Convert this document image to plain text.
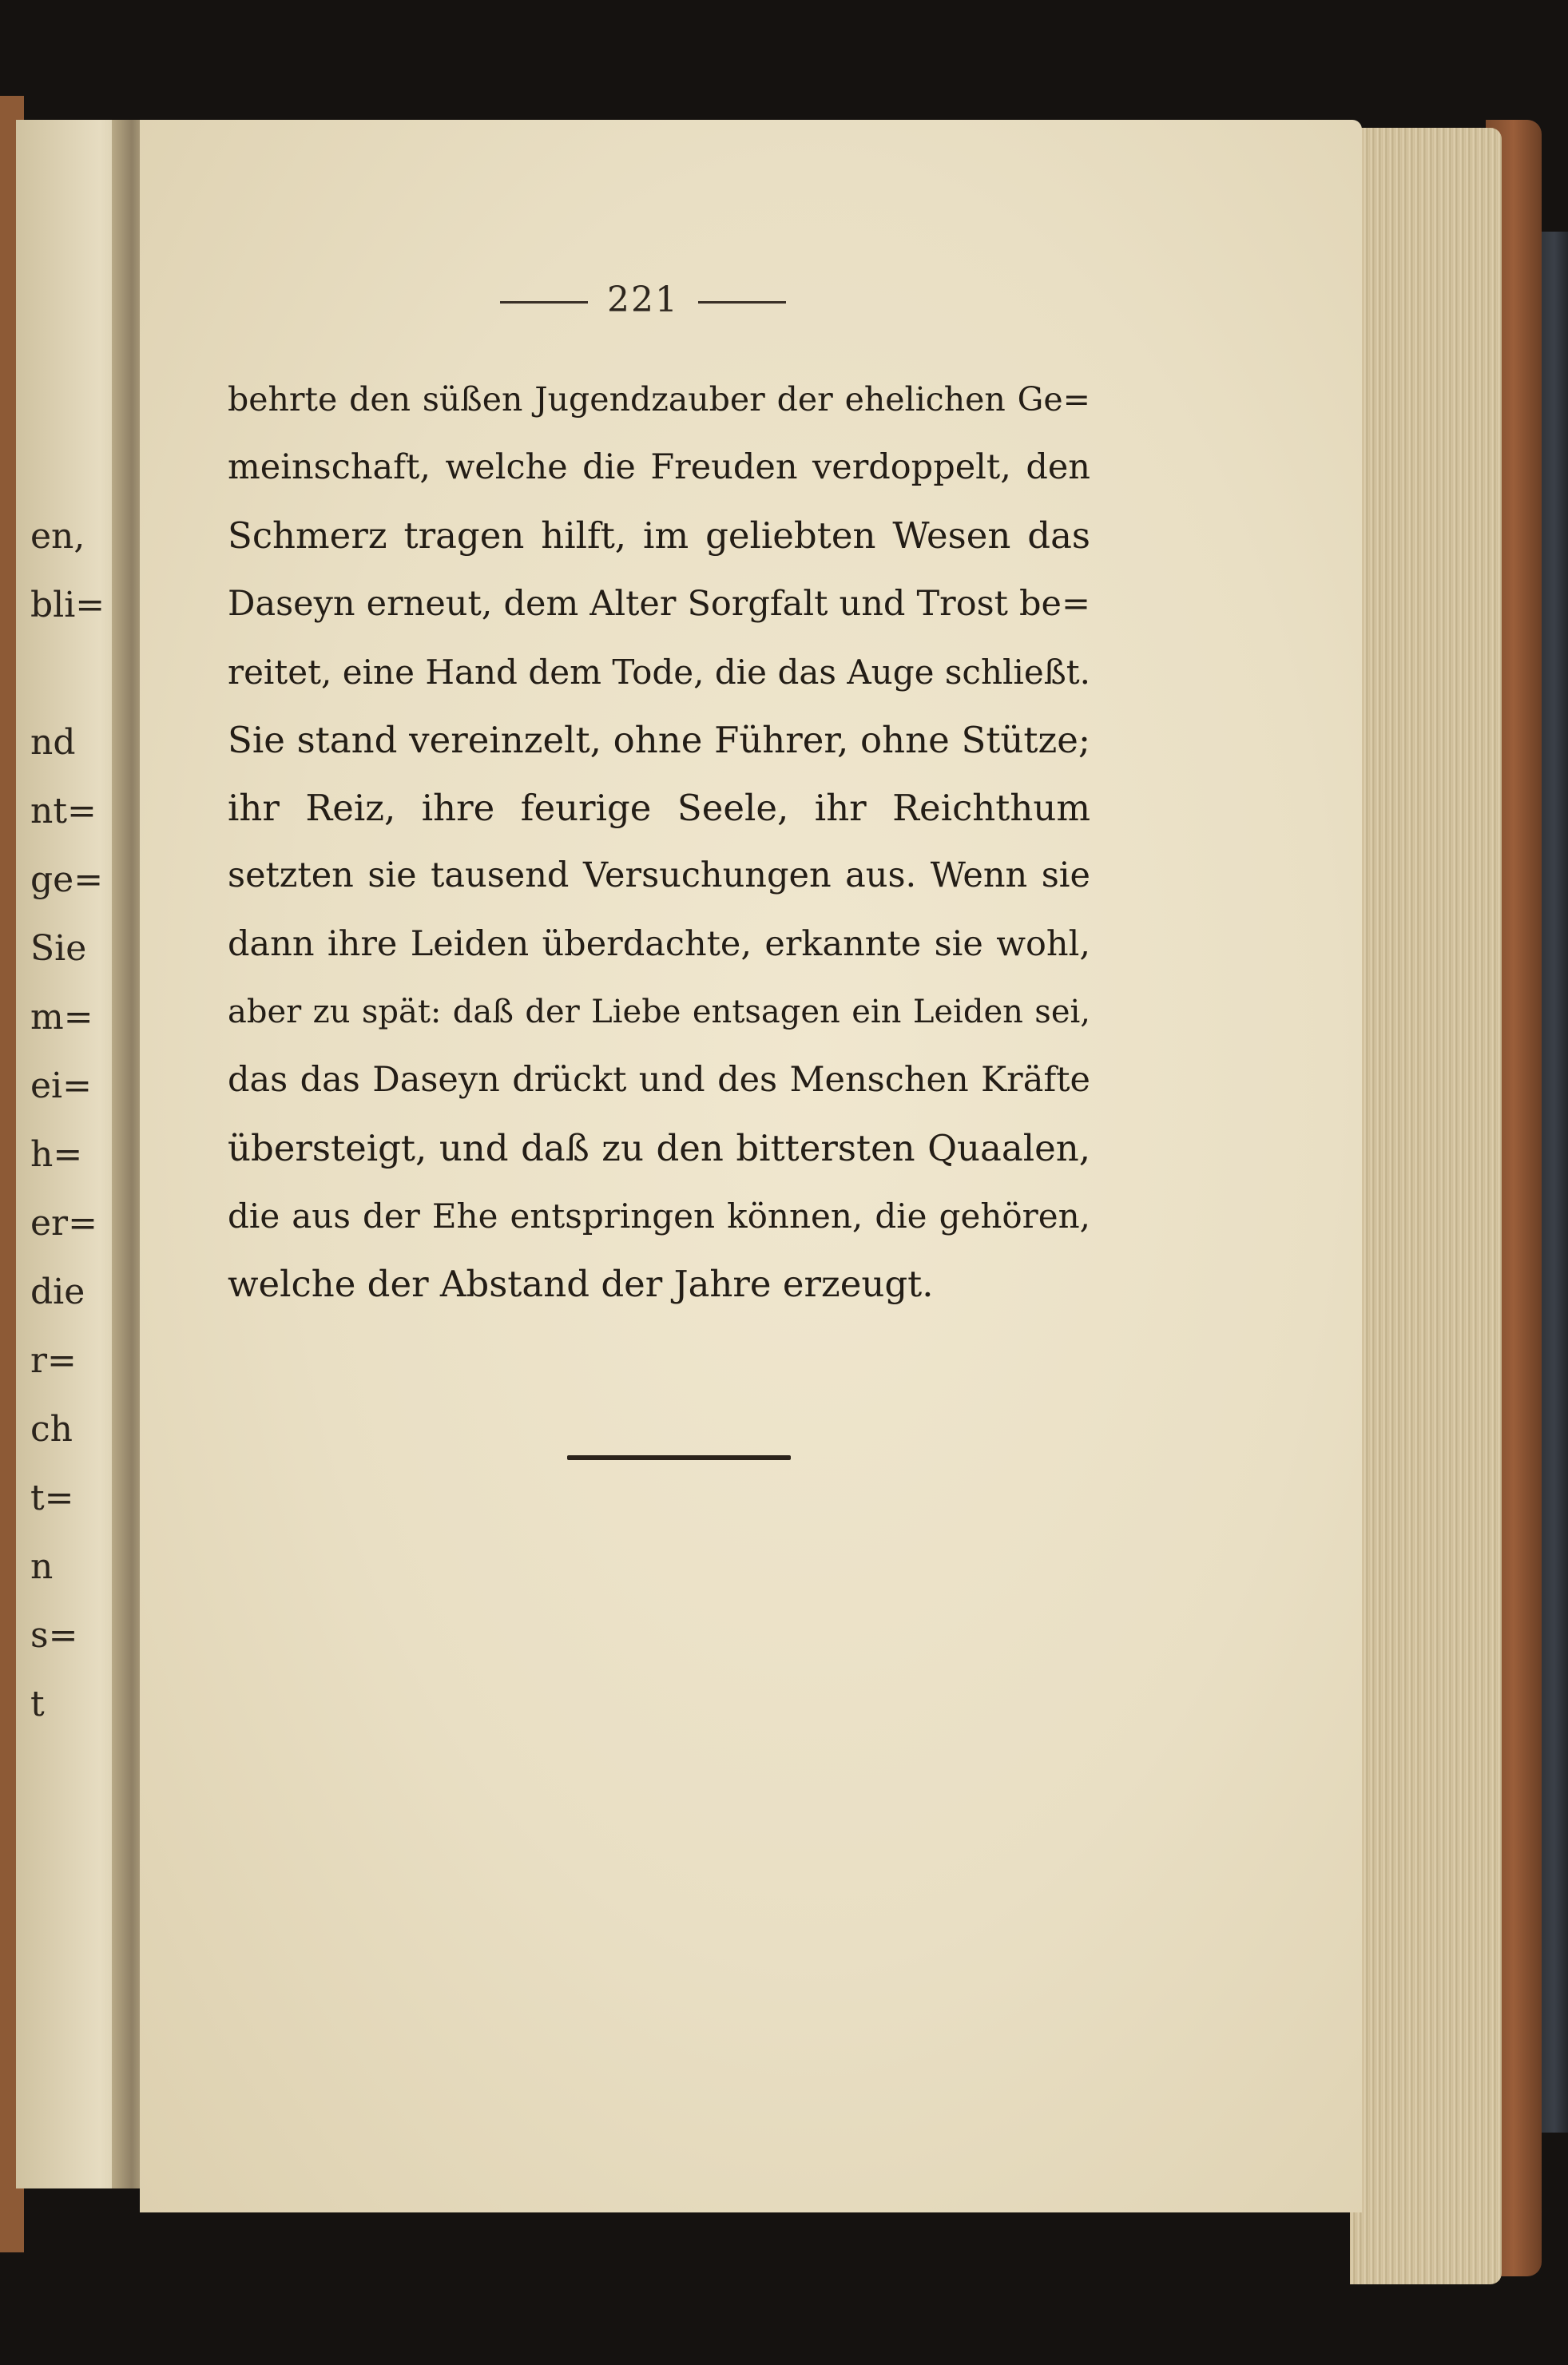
en,
bli=
nd
nt=
ge=
Sie
m=
ei=
h=
er=
die
r=
ch
t=
n
s=
t
221
behrte den süßen Jugendzauber der ehelichen Ge=
meinschaft, welche die Freuden verdoppelt, den
Schmerz tragen hilft, im geliebten Wesen das
Daseyn erneut, dem Alter Sorgfalt und Trost be=
reitet, eine Hand dem Tode, die das Auge schließt.
Sie stand vereinzelt, ohne Führer, ohne Stütze;
ihr Reiz, ihre feurige Seele, ihr Reichthum
setzten sie tausend Versuchungen aus. Wenn sie
dann ihre Leiden überdachte, erkannte sie wohl,
aber zu spät: daß der Liebe entsagen ein Leiden sei,
das das Daseyn drückt und des Menschen Kräfte
übersteigt, und daß zu den bittersten Quaalen,
die aus der Ehe entspringen können, die gehören,
welche der Abstand der Jahre erzeugt.
